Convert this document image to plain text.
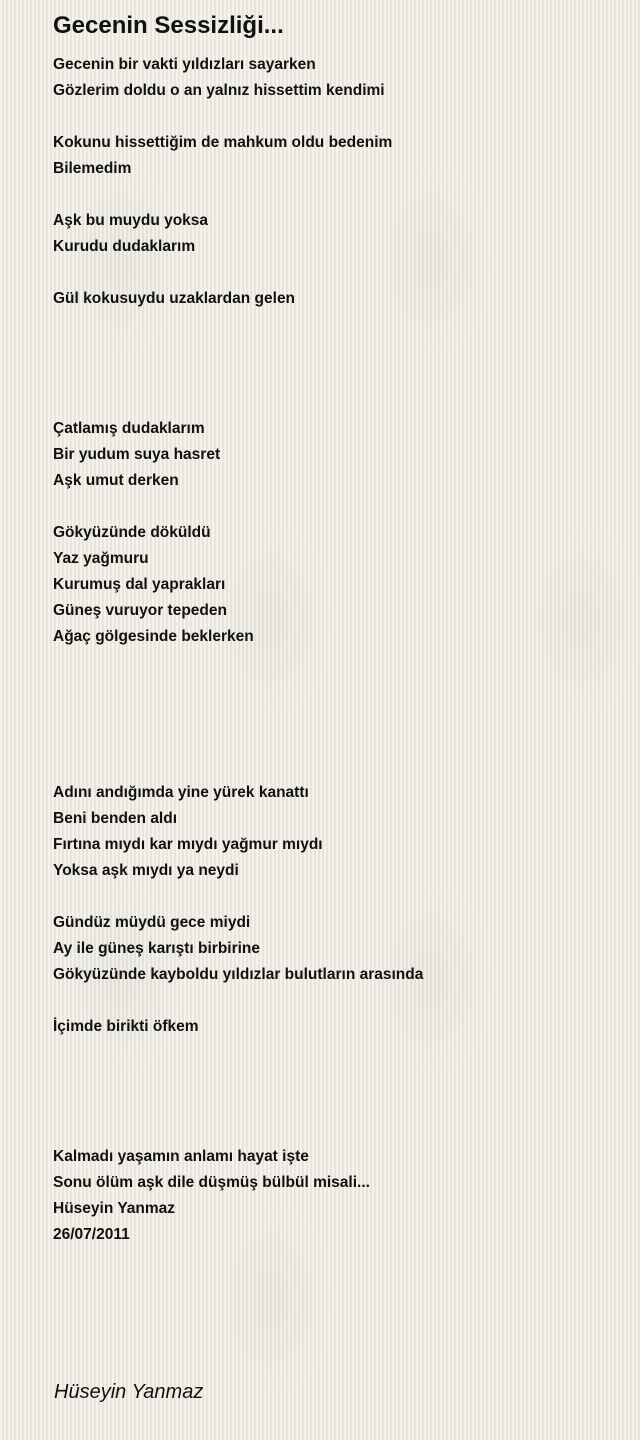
Gecenin Sessizliği...
Gecenin bir vakti yıldızları sayarken
Gözlerim doldu o an yalnız hissettim kendimi
Kokunu hissettiğim de mahkum oldu bedenim
Bilemedim
Aşk bu muydu yoksa
Kurudu dudaklarım
Gül kokusuydu uzaklardan gelen
Çatlamış dudaklarım
Bir yudum suya hasret
Aşk umut derken
Gökyüzünde döküldü
Yaz yağmuru
Kurumuş dal yaprakları
Güneş vuruyor tepeden
Ağaç gölgesinde beklerken
Adını andığımda yine yürek kanattı
Beni benden aldı
Fırtına mıydı kar mıydı yağmur mıydı
Yoksa aşk mıydı ya neydi
Gündüz müydü gece miydi
Ay ile güneş karıştı birbirine
Gökyüzünde kayboldu yıldızlar bulutların arasında
İçimde birikti öfkem
Kalmadı yaşamın anlamı hayat işte
Sonu ölüm aşk dile düşmüş bülbül misali...
Hüseyin Yanmaz
26/07/2011
Hüseyin Yanmaz
